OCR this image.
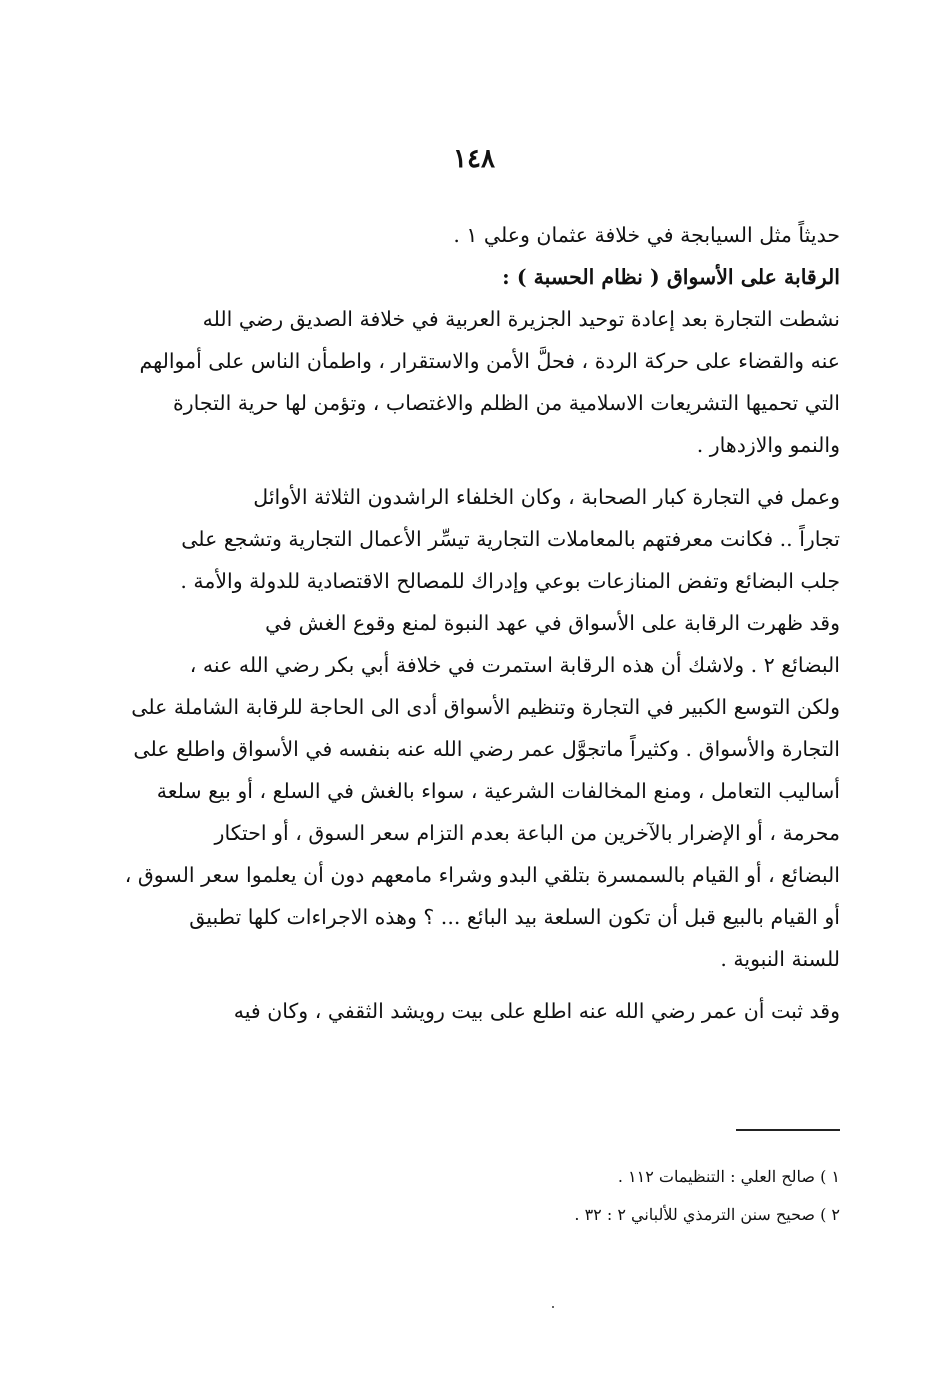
١٤٨
حديثاً مثل السيابجة في خلافة عثمان وعلي ١ .
الرقابة على الأسواق ( نظام الحسبة ) :
نشطت التجارة بعد إعادة توحيد الجزيرة العربية في خلافة الصديق رضي الله
عنه والقضاء على حركة الردة ، فحلَّ الأمن والاستقرار ، واطمأن الناس على أموالهم
التي تحميها التشريعات الاسلامية من الظلم والاغتصاب ، وتؤمن لها حرية التجارة
والنمو والازدهار .
وعمل في التجارة كبار الصحابة ، وكان الخلفاء الراشدون الثلاثة الأوائل
تجاراً .. فكانت معرفتهم بالمعاملات التجارية تيسِّر الأعمال التجارية وتشجع على
جلب البضائع وتفض المنازعات بوعي وإدراك للمصالح الاقتصادية للدولة والأمة .
وقد ظهرت الرقابة على الأسواق في عهد النبوة لمنع وقوع الغش في
البضائع ٢ . ولاشك أن هذه الرقابة استمرت في خلافة أبي بكر رضي الله عنه ،
ولكن التوسع الكبير في التجارة وتنظيم الأسواق أدى الى الحاجة للرقابة الشاملة على
التجارة والأسواق . وكثيراً ماتجوَّل عمر رضي الله عنه بنفسه في الأسواق واطلع على
أساليب التعامل ، ومنع المخالفات الشرعية ، سواء بالغش في السلع ، أو بيع سلعة
محرمة ، أو الإضرار بالآخرين من الباعة بعدم التزام سعر السوق ، أو احتكار
البضائع ، أو القيام بالسمسرة بتلقي البدو وشراء مامعهم دون أن يعلموا سعر السوق ،
أو القيام بالبيع قبل أن تكون السلعة بيد البائع ... ؟ وهذه الاجراءات كلها تطبيق
للسنة النبوية .
وقد ثبت أن عمر رضي الله عنه اطلع على بيت رويشد الثقفي ، وكان فيه
١ ) صالح العلي : التنظيمات ١١٢ .
٢ ) صحيح سنن الترمذي للألباني ٢ : ٣٢ .
